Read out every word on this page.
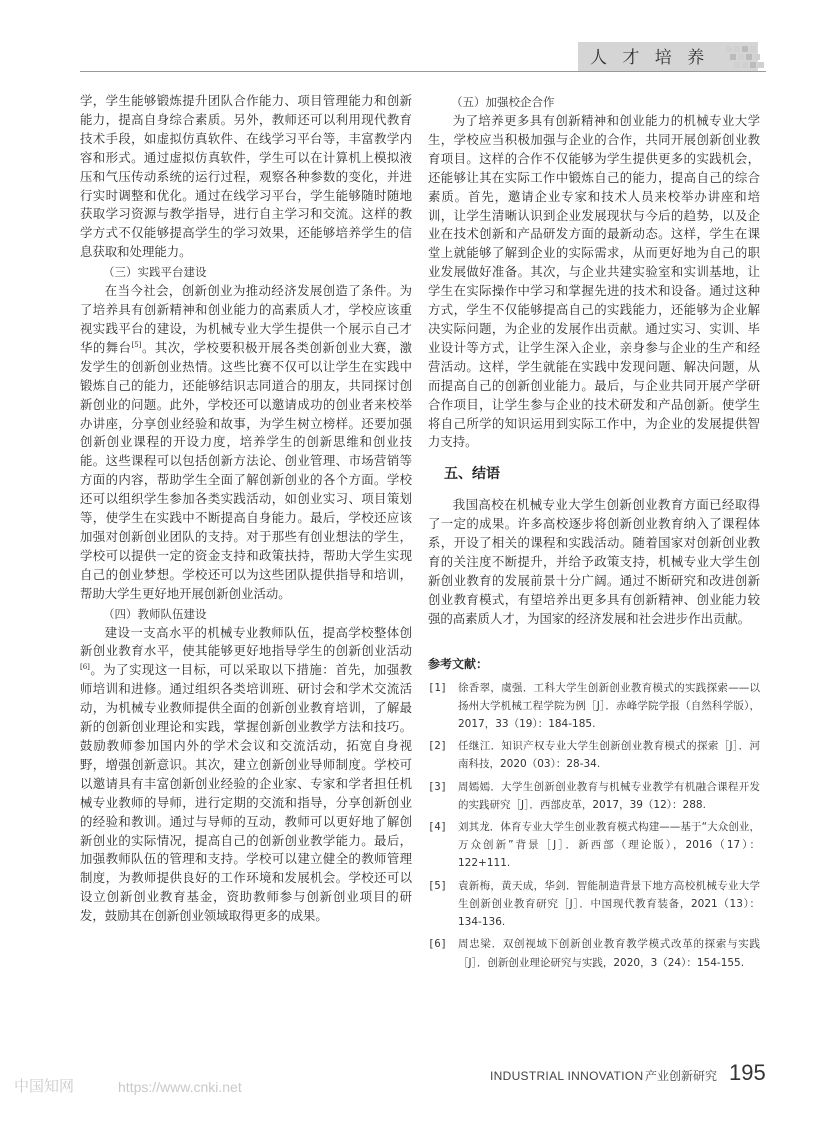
人 才 培 养

学，学生能够锻炼提升团队合作能力、项目管理能力和创新能力，提高自身综合素质。另外，教师还可以利用现代教育技术手段，如虚拟仿真软件、在线学习平台等，丰富教学内容和形式。通过虚拟仿真软件，学生可以在计算机上模拟液压和气压传动系统的运行过程，观察各种参数的变化，并进行实时调整和优化。通过在线学习平台，学生能够随时随地获取学习资源与教学指导，进行自主学习和交流。这样的教学方式不仅能够提高学生的学习效果，还能够培养学生的信息获取和处理能力。

（三）实践平台建设

在当今社会，创新创业为推动经济发展创造了条件。为了培养具有创新精神和创业能力的高素质人才，学校应该重视实践平台的建设，为机械专业大学生提供一个展示自己才华的舞台[5]。其次，学校要积极开展各类创新创业大赛，激发学生的创新创业热情。这些比赛不仅可以让学生在实践中锻炼自己的能力，还能够结识志同道合的朋友，共同探讨创新创业的问题。此外，学校还可以邀请成功的创业者来校举办讲座，分享创业经验和故事，为学生树立榜样。还要加强创新创业课程的开设力度，培养学生的创新思维和创业技能。这些课程可以包括创新方法论、创业管理、市场营销等方面的内容，帮助学生全面了解创新创业的各个方面。学校还可以组织学生参加各类实践活动，如创业实习、项目策划等，使学生在实践中不断提高自身能力。最后，学校还应该加强对创新创业团队的支持。对于那些有创业想法的学生，学校可以提供一定的资金支持和政策扶持，帮助大学生实现自己的创业梦想。学校还可以为这些团队提供指导和培训，帮助大学生更好地开展创新创业活动。

（四）教师队伍建设

建设一支高水平的机械专业教师队伍，提高学校整体创新创业教育水平，使其能够更好地指导学生的创新创业活动[6]。为了实现这一目标，可以采取以下措施：首先，加强教师培训和进修。通过组织各类培训班、研讨会和学术交流活动，为机械专业教师提供全面的创新创业教育培训，了解最新的创新创业理论和实践，掌握创新创业教学方法和技巧。鼓励教师参加国内外的学术会议和交流活动，拓宽自身视野，增强创新意识。其次，建立创新创业导师制度。学校可以邀请具有丰富创新创业经验的企业家、专家和学者担任机械专业教师的导师，进行定期的交流和指导，分享创新创业的经验和教训。通过与导师的互动，教师可以更好地了解创新创业的实际情况，提高自己的创新创业教学能力。最后，加强教师队伍的管理和支持。学校可以建立健全的教师管理制度，为教师提供良好的工作环境和发展机会。学校还可以设立创新创业教育基金，资助教师参与创新创业项目的研发，鼓励其在创新创业领域取得更多的成果。

（五）加强校企合作

为了培养更多具有创新精神和创业能力的机械专业大学生，学校应当积极加强与企业的合作，共同开展创新创业教育项目。这样的合作不仅能够为学生提供更多的实践机会，还能够让其在实际工作中锻炼自己的能力，提高自己的综合素质。首先，邀请企业专家和技术人员来校举办讲座和培训，让学生清晰认识到企业发展现状与今后的趋势，以及企业在技术创新和产品研发方面的最新动态。这样，学生在课堂上就能够了解到企业的实际需求，从而更好地为自己的职业发展做好准备。其次，与企业共建实验室和实训基地，让学生在实际操作中学习和掌握先进的技术和设备。通过这种方式，学生不仅能够提高自己的实践能力，还能够为企业解决实际问题，为企业的发展作出贡献。通过实习、实训、毕业设计等方式，让学生深入企业，亲身参与企业的生产和经营活动。这样，学生就能在实践中发现问题、解决问题，从而提高自己的创新创业能力。最后，与企业共同开展产学研合作项目，让学生参与企业的技术研发和产品创新。使学生将自己所学的知识运用到实际工作中，为企业的发展提供智力支持。

五、结语

我国高校在机械专业大学生创新创业教育方面已经取得了一定的成果。许多高校逐步将创新创业教育纳入了课程体系，开设了相关的课程和实践活动。随着国家对创新创业教育的关注度不断提升，并给予政策支持，机械专业大学生创新创业教育的发展前景十分广阔。通过不断研究和改进创新创业教育模式，有望培养出更多具有创新精神、创业能力较强的高素质人才，为国家的经济发展和社会进步作出贡献。

参考文献：

[1]	徐香翠，虞强．工科大学生创新创业教育模式的实践探索——以扬州大学机械工程学院为例［J］．赤峰学院学报（自然科学版），2017，33（19）：184-185.
[2]	任继江．知识产权专业大学生创新创业教育模式的探索［J］．河南科技，2020（03）：28-34.
[3]	周嫣嫣．大学生创新创业教育与机械专业教学有机融合课程开发的实践研究［J］．西部皮革，2017，39（12）：288.
[4]	刘其龙．体育专业大学生创业教育模式构建——基于“大众创业，万众创新”背景［J］．新西部（理论版），2016（17）：122+111.
[5]	袁新梅，黄天成，华剑．智能制造背景下地方高校机械专业大学生创新创业教育研究［J］．中国现代教育装备，2021（13）：134-136.
[6]	周忠梁．双创视域下创新创业教育教学模式改革的探索与实践［J］．创新创业理论研究与实践，2020，3（24）：154-155.
中国知网	https://www.cnki.net
INDUSTRIAL INNOVATION 产业创新研究 195
